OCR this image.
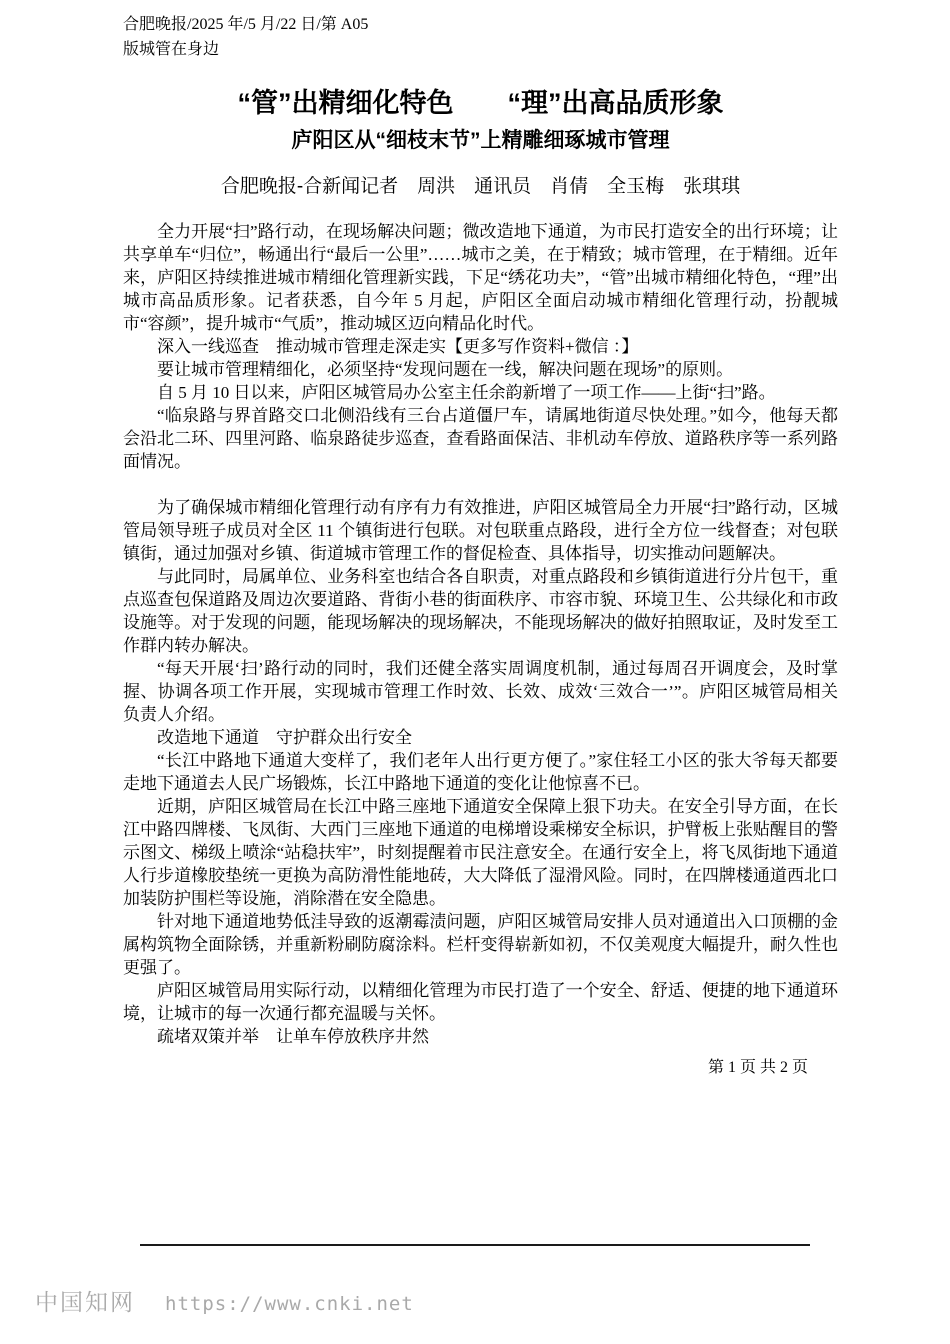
合肥晚报/2025 年/5 月/22 日/第 A05
版城管在身边
“管”出精细化特色　　“理”出高品质形象
庐阳区从“细枝末节”上精雕细琢城市管理
合肥晚报-合新闻记者　周洪　通讯员　肖倩　全玉梅　张琪琪

全力开展“扫”路行动，在现场解决问题；微改造地下通道，为市民打造安全的出行环境；让共享单车“归位”，畅通出行“最后一公里”……城市之美，在于精致；城市管理，在于精细。近年来，庐阳区持续推进城市精细化管理新实践，下足“绣花功夫”，“管”出城市精细化特色，“理”出城市高品质形象。记者获悉，自今年 5 月起，庐阳区全面启动城市精细化管理行动，扮靓城市“容颜”，提升城市“气质”，推动城区迈向精品化时代。

深入一线巡查　推动城市管理走深走实【更多写作资料+微信 ：】

要让城市管理精细化，必须坚持“发现问题在一线，解决问题在现场”的原则。

自 5 月 10 日以来，庐阳区城管局办公室主任余韵新增了一项工作——上街“扫”路。

“临泉路与界首路交口北侧沿线有三台占道僵尸车，请属地街道尽快处理。”如今，他每天都会沿北二环、四里河路、临泉路徒步巡查，查看路面保洁、非机动车停放、道路秩序等一系列路面情况。

为了确保城市精细化管理行动有序有力有效推进，庐阳区城管局全力开展“扫”路行动，区城管局领导班子成员对全区 11 个镇街进行包联。对包联重点路段，进行全方位一线督查；对包联镇街，通过加强对乡镇、街道城市管理工作的督促检查、具体指导，切实推动问题解决。

与此同时，局属单位、业务科室也结合各自职责，对重点路段和乡镇街道进行分片包干，重点巡查包保道路及周边次要道路、背街小巷的街面秩序、市容市貌、环境卫生、公共绿化和市政设施等。对于发现的问题，能现场解决的现场解决，不能现场解决的做好拍照取证，及时发至工作群内转办解决。

“每天开展‘扫’路行动的同时，我们还健全落实周调度机制，通过每周召开调度会，及时掌握、协调各项工作开展，实现城市管理工作时效、长效、成效‘三效合一’”。庐阳区城管局相关负责人介绍。

改造地下通道　守护群众出行安全

“长江中路地下通道大变样了，我们老年人出行更方便了。”家住轻工小区的张大爷每天都要走地下通道去人民广场锻炼，长江中路地下通道的变化让他惊喜不已。

近期，庐阳区城管局在长江中路三座地下通道安全保障上狠下功夫。在安全引导方面，在长江中路四牌楼、飞凤街、大西门三座地下通道的电梯增设乘梯安全标识，护臂板上张贴醒目的警示图文、梯级上喷涂“站稳扶牢”，时刻提醒着市民注意安全。在通行安全上，将飞凤街地下通道人行步道橡胶垫统一更换为高防滑性能地砖，大大降低了湿滑风险。同时，在四牌楼通道西北口加装防护围栏等设施，消除潜在安全隐患。

针对地下通道地势低洼导致的返潮霉渍问题，庐阳区城管局安排人员对通道出入口顶棚的金属构筑物全面除锈，并重新粉刷防腐涂料。栏杆变得崭新如初，不仅美观度大幅提升，耐久性也更强了。

庐阳区城管局用实际行动，以精细化管理为市民打造了一个安全、舒适、便捷的地下通道环境，让城市的每一次通行都充温暖与关怀。

疏堵双策并举　让单车停放秩序井然

第 1 页 共 2 页
中国知网 https://www.cnki.net
